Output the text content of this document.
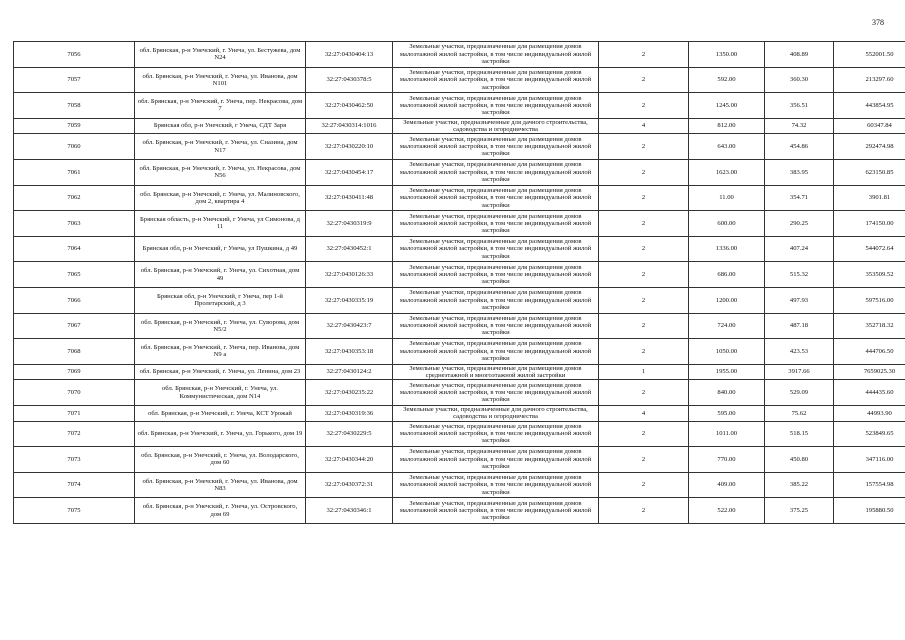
378
7056	обл. Брянская, р-н Унечский, г. Унеча, ул. Бестужева, дом N24	32:27:0430404:13	Земельные участки, предназначенные для размещения домов малоэтажной жилой застройки, в том числе индивидуальной жилой застройки	2	1350.00	408.89	552001.50
7057	обл. Брянская, р-н Унечский, г. Унеча, ул. Иванова, дом N101	32:27:0430378:5	Земельные участки, предназначенные для размещения домов малоэтажной жилой застройки, в том числе индивидуальной жилой застройки	2	592.00	360.30	213297.60
7058	обл. Брянская, р-н Унечский, г. Унеча, пер. Некрасова, дом 7	32:27:0430462:50	Земельные участки, предназначенные для размещения домов малоэтажной жилой застройки, в том числе индивидуальной жилой застройки	2	1245.00	356.51	443854.95
7059	Брянская обл, р-н Унечский, г Унеча, СДТ Заря	32:27:0430314:1016	Земельные участки, предназначенные для дачного строительства, садоводства и огородничества	4	812.00	74.32	60347.84
7060	обл. Брянская, р-н Унечский, г. Унеча, ул. Сназина, дом N17	32:27:0430220:10	Земельные участки, предназначенные для размещения домов малоэтажной жилой застройки, в том числе индивидуальной жилой застройки	2	643.00	454.86	292474.98
7061	обл. Брянская, р-н Унечский, г. Унеча, ул. Некрасова, дом N56	32:27:0430454:17	Земельные участки, предназначенные для размещения домов малоэтажной жилой застройки, в том числе индивидуальной жилой застройки	2	1623.00	383.95	623150.85
7062	обл. Брянская, р-н Унечский, г. Унеча, ул. Малиновского, дом 2, квартира 4	32:27:0430411:48	Земельные участки, предназначенные для размещения домов малоэтажной жилой застройки, в том числе индивидуальной жилой застройки	2	11.00	354.71	3901.81
7063	Брянская область, р-н Унечский, г Унеча, ул Симонова, д 11	32:27:0430319:9	Земельные участки, предназначенные для размещения домов малоэтажной жилой застройки, в том числе индивидуальной жилой застройки	2	600.00	290.25	174150.00
7064	Брянская обл, р-н Унечский, г Унеча, ул Пушкина, д 49	32:27:0430452:1	Земельные участки, предназначенные для размещения домов малоэтажной жилой застройки, в том числе индивидуальной жилой застройки	2	1336.00	407.24	544072.64
7065	обл. Брянская, р-н Унечский, г. Унеча, ул. Сиxoтная, дом 49	32:27:0430126:33	Земельные участки, предназначенные для размещения домов малоэтажной жилой застройки, в том числе индивидуальной жилой застройки	2	686.00	515.32	353509.52
7066	Брянская обл, р-н Унечский, г Унеча, пер 1-й Пролетарский, д 3	32:27:0430335:19	Земельные участки, предназначенные для размещения домов малоэтажной жилой застройки, в том числе индивидуальной жилой застройки	2	1200.00	497.93	597516.00
7067	обл. Брянская, р-н Унечский, г. Унеча, ул. Суворова, дом N5/2	32:27:0430423:7	Земельные участки, предназначенные для размещения домов малоэтажной жилой застройки, в том числе индивидуальной жилой застройки	2	724.00	487.18	352718.32
7068	обл. Брянская, р-н Унечский, г. Унеча, пер. Иванова, дом N9 а	32:27:0430353:18	Земельные участки, предназначенные для размещения домов малоэтажной жилой застройки, в том числе индивидуальной жилой застройки	2	1050.00	423.53	444706.50
7069	обл. Брянская, р-н Унечский, г. Унеча, ул. Ленина, дом 23	32:27:0430124:2	Земельные участки, предназначенные для размещения домов среднеэтажной и многоэтажной жилой застройки	1	1955.00	3917.66	7659025.30
7070	обл. Брянская, р-н Унечский, г. Унеча, ул. Коммунистическая, дом N14	32:27:0430235:22	Земельные участки, предназначенные для размещения домов малоэтажной жилой застройки, в том числе индивидуальной жилой застройки	2	840.00	529.09	444435.60
7071	обл. Брянская, р-н Унечский, г. Унеча, КСТ Урожай	32:27:0430319:36	Земельные участки, предназначенные для дачного строительства, садоводства и огородничества	4	595.00	75.62	44993.90
7072	обл. Брянская, р-н Унечский, г. Унеча, ул. Горького, дом 19	32:27:0430229:5	Земельные участки, предназначенные для размещения домов малоэтажной жилой застройки, в том числе индивидуальной жилой застройки	2	1011.00	518.15	523849.65
7073	обл. Брянская, р-н Унечский, г. Унеча, ул. Володарского, дом 60	32:27:0430344:20	Земельные участки, предназначенные для размещения домов малоэтажной жилой застройки, в том числе индивидуальной жилой застройки	2	770.00	450.80	347116.00
7074	обл. Брянская, р-н Унечский, г. Унеча, ул. Иванова, дом N83	32:27:0430372:31	Земельные участки, предназначенные для размещения домов малоэтажной жилой застройки, в том числе индивидуальной жилой застройки	2	409.00	385.22	157554.98
7075	обл. Брянская, р-н Унечский, г. Унеча, ул. Островского, дом 69	32:27:0430346:1	Земельные участки, предназначенные для размещения домов малоэтажной жилой застройки, в том числе индивидуальной жилой застройки	2	522.00	375.25	195880.50
